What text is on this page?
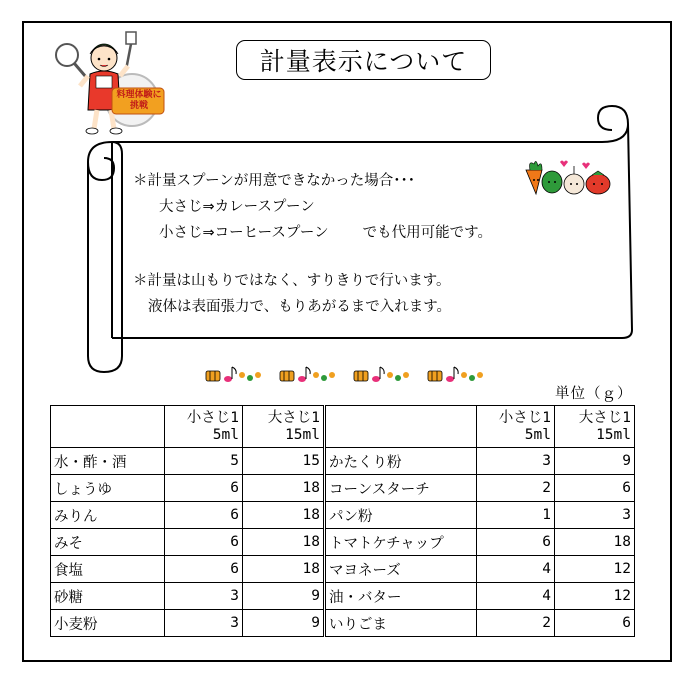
料理体験に挑戦
計量表示について
＊計量スプーンが用意できなかった場合･･･
大さじ⇒カレースプーン
小さじ⇒コーヒースプーン でも代用可能です。
＊計量は山もりではなく、すりきりで行います。
液体は表面張力で、もりあがるまで入れます。
単位（ｇ）
	小さじ1
5ml	大さじ1
15ml		小さじ1
5ml	大さじ1
15ml
水・酢・酒	5	15	かたくり粉	3	9
しょうゆ	6	18	コーンスターチ	2	6
みりん	6	18	パン粉	1	3
みそ	6	18	トマトケチャップ	6	18
食塩	6	18	マヨネーズ	4	12
砂糖	3	9	油・バター	4	12
小麦粉	3	9	いりごま	2	6
